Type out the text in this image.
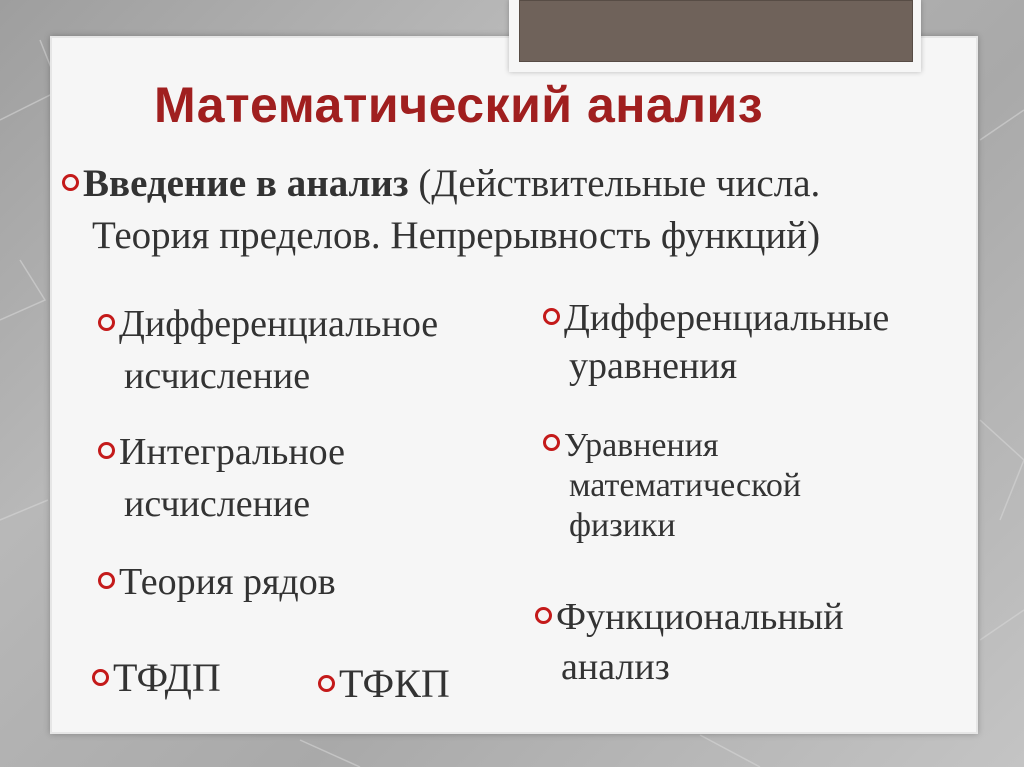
Математический анализ
Введение в анализ (Действительные числа.
Теория пределов. Непрерывность функций)
Дифференциальное
исчисление
Интегральное
исчисление
Теория рядов
Дифференциальные
уравнения
Уравнения
математической
физики
Функциональный
анализ
ТФДП	ТФКП
